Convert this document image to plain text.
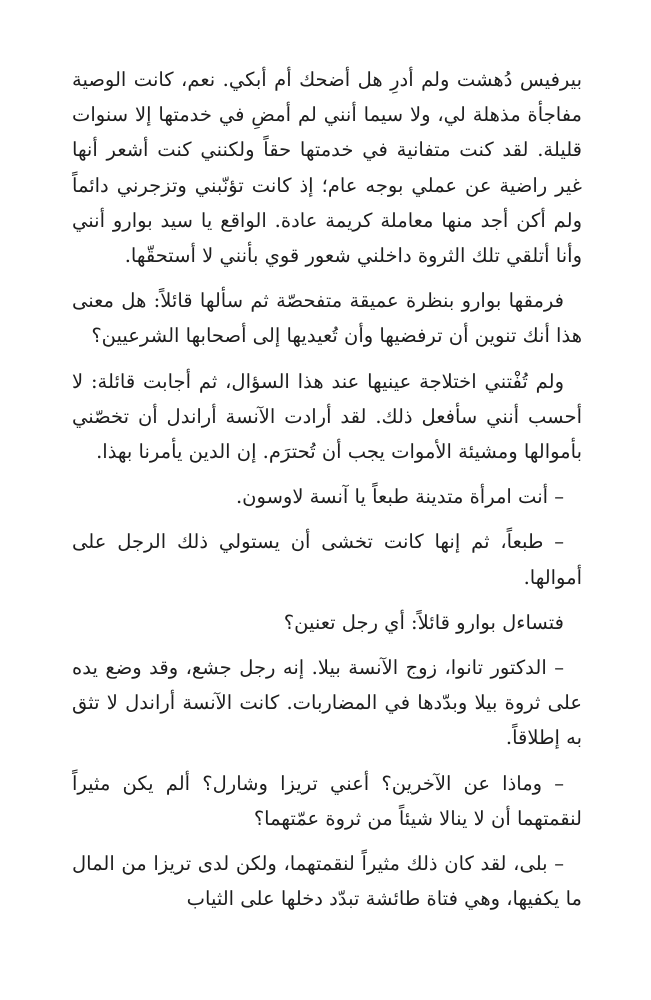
بيرفيس دُهشت ولم أدرِ هل أضحك أم أبكي. نعم، كانت الوصية مفاجأة مذهلة لي، ولا سيما أنني لم أمضِ في خدمتها إلا سنوات قليلة. لقد كنت متفانية في خدمتها حقاً ولكنني كنت أشعر أنها غير راضية عن عملي بوجه عام؛ إذ كانت تؤنّبني وتزجرني دائماً ولم أكن أجد منها معاملة كريمة عادة. الواقع يا سيد بوارو أنني وأنا أتلقي تلك الثروة داخلني شعور قوي بأنني لا أستحقّها.

فرمقها بوارو بنظرة عميقة متفحصّة ثم سألها قائلاً: هل معنى هذا أنك تنوين أن ترفضيها وأن تُعيديها إلى أصحابها الشرعيين؟

ولم تُفْتني اختلاجة عينيها عند هذا السؤال، ثم أجابت قائلة: لا أحسب أنني سأفعل ذلك. لقد أرادت الآنسة أراندل أن تخصّني بأموالها ومشيئة الأموات يجب أن تُحترَم. إن الدين يأمرنا بهذا.

– أنت امرأة متدينة طبعاً يا آنسة لاوسون.

– طبعاً، ثم إنها كانت تخشى أن يستولي ذلك الرجل على أموالها.

فتساءل بوارو قائلاً: أي رجل تعنين؟

– الدكتور تانوا، زوج الآنسة بيلا. إنه رجل جشع، وقد وضع يده على ثروة بيلا وبدّدها في المضاربات. كانت الآنسة أراندل لا تثق به إطلاقاً.

– وماذا عن الآخرين؟ أعني تريزا وشارل؟ ألم يكن مثيراً لنقمتهما أن لا ينالا شيئاً من ثروة عمّتهما؟

– بلى، لقد كان ذلك مثيراً لنقمتهما، ولكن لدى تريزا من المال ما يكفيها، وهي فتاة طائشة تبدّد دخلها على الثياب
